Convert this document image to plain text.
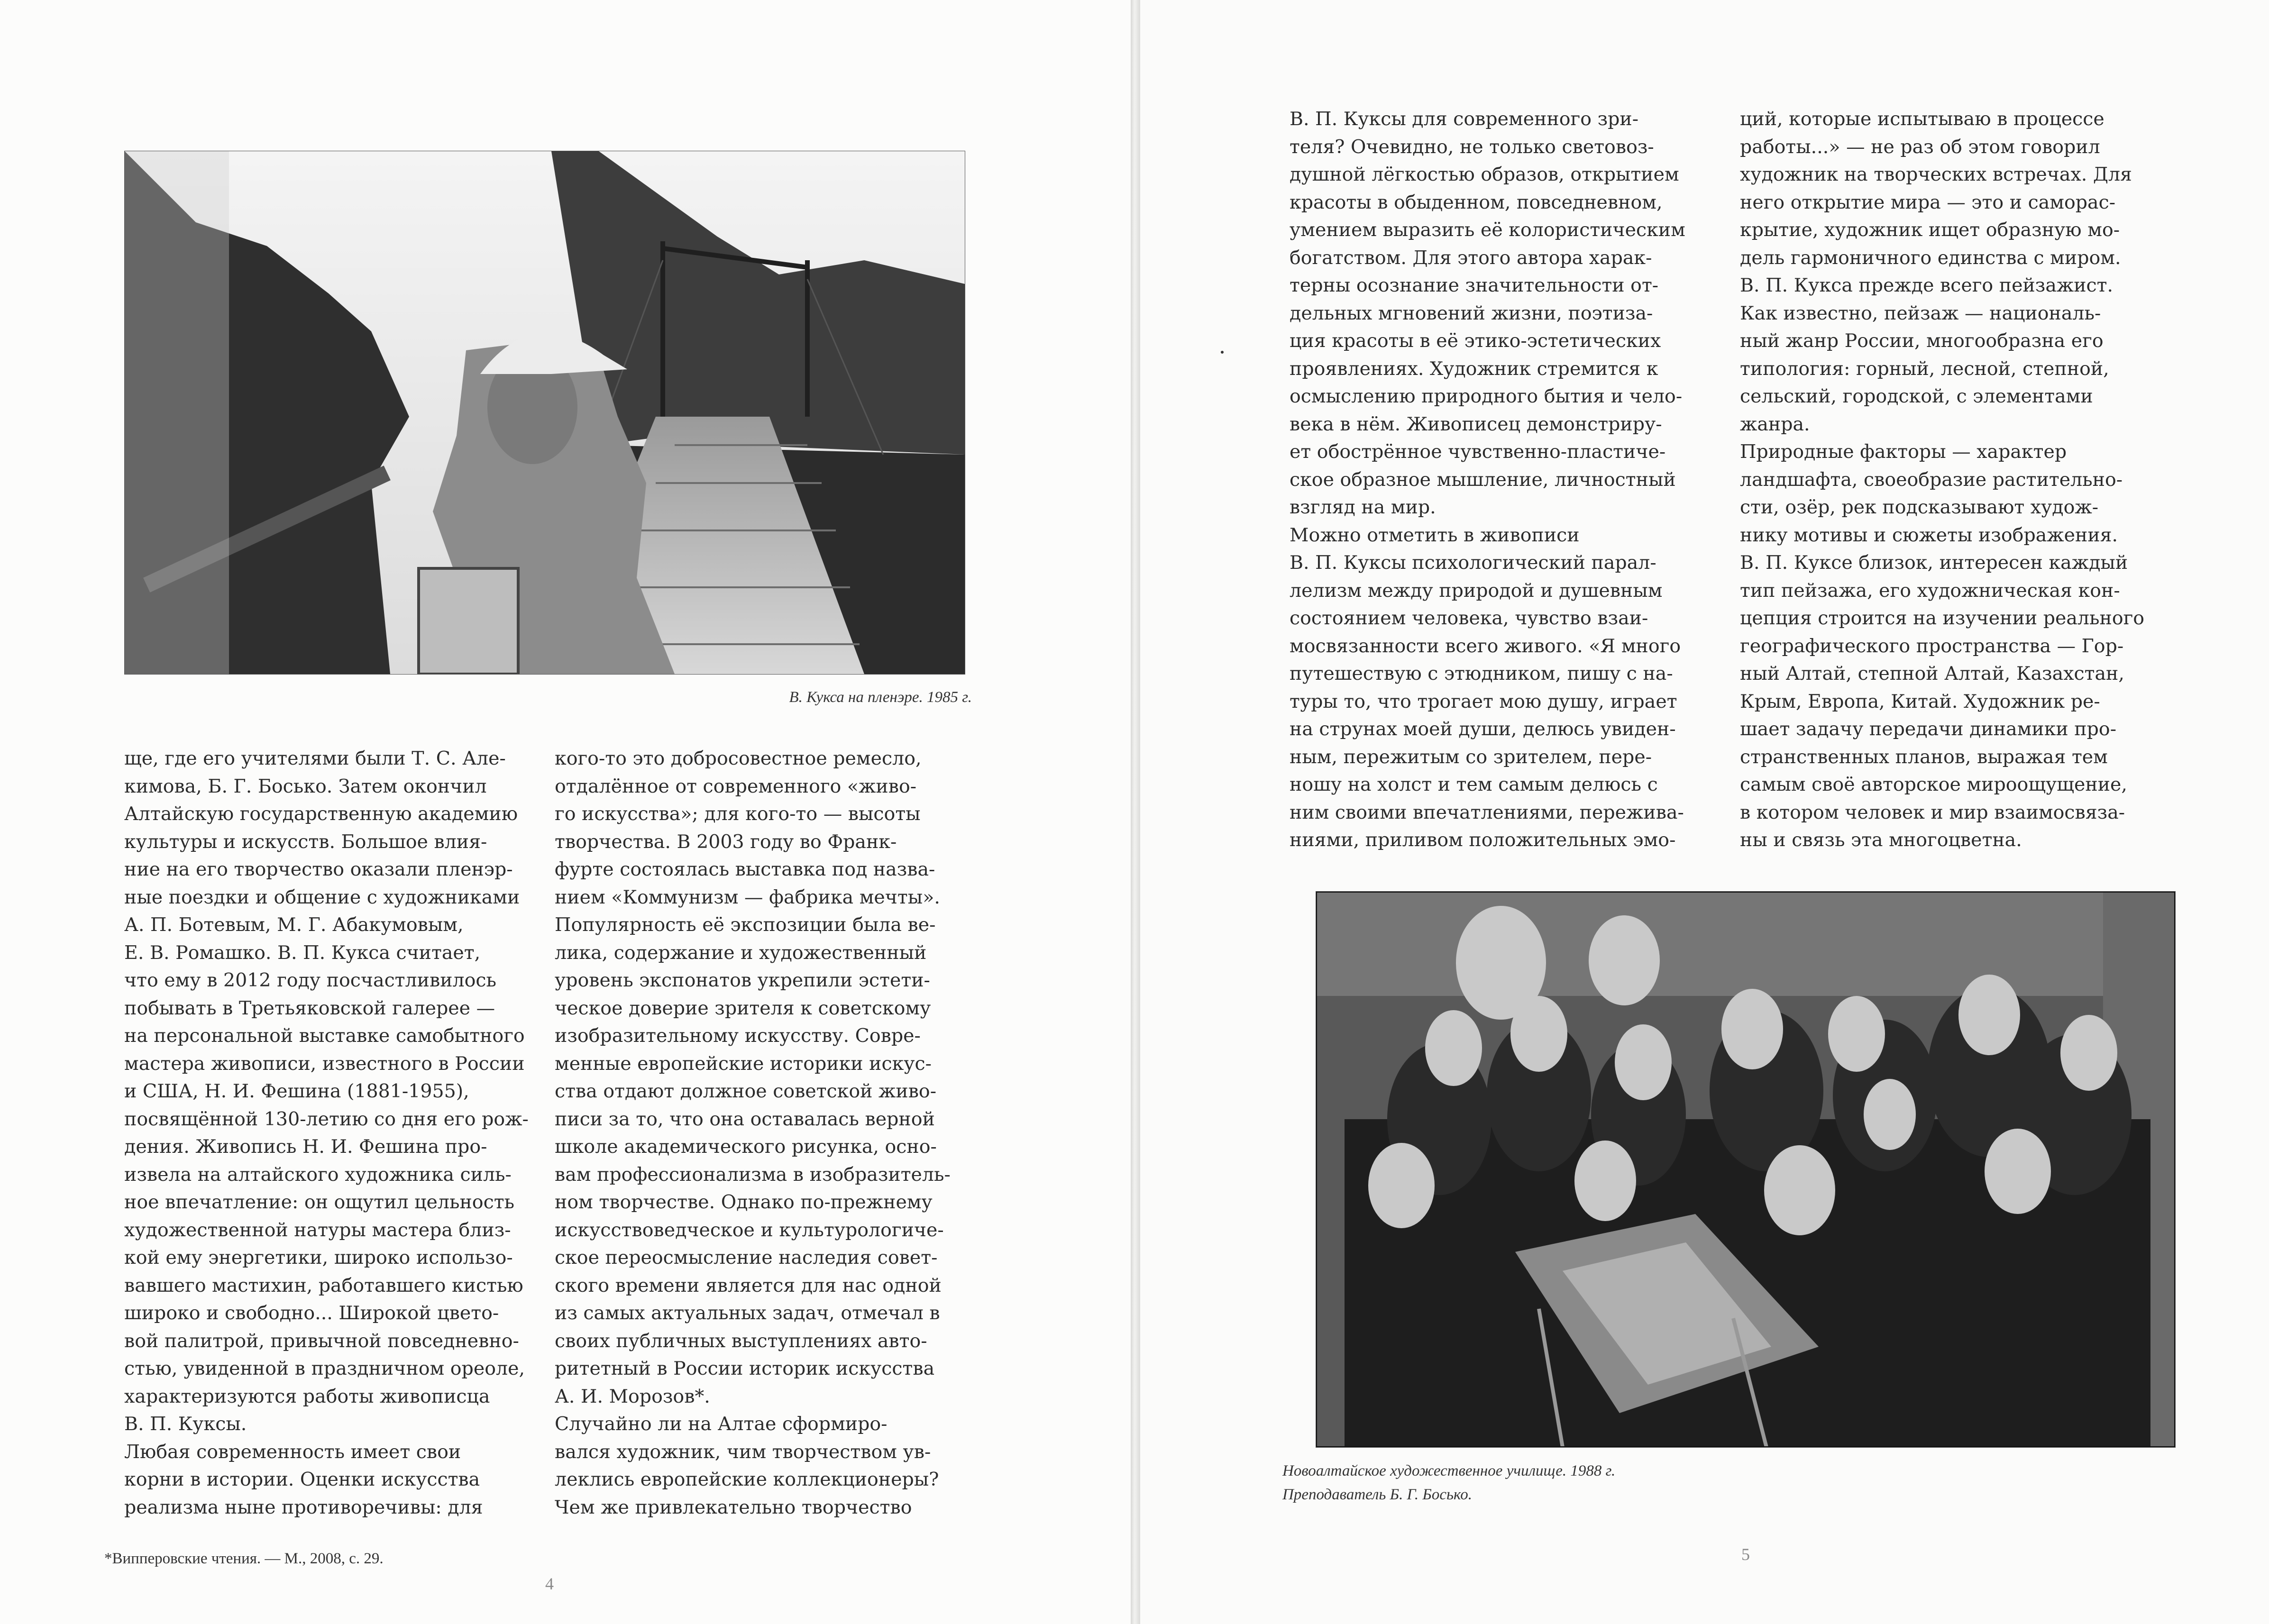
В. Кукса на пленэре. 1985 г.
ще, где его учителями были Т. С. Але-
кимова, Б. Г. Босько. Затем окончил
Алтайскую государственную академию
культуры и искусств. Большое влия-
ние на его творчество оказали пленэр-
ные поездки и общение с художниками
А. П. Ботевым, М. Г. Абакумовым,
Е. В. Ромашко. В. П. Кукса считает,
что ему в 2012 году посчастливилось
побывать в Третьяковской галерее —
на персональной выставке самобытного
мастера живописи, известного в России
и США, Н. И. Фешина (1881-1955),
посвящённой 130-летию со дня его рож-
дения. Живопись Н. И. Фешина про-
извела на алтайского художника силь-
ное впечатление: он ощутил цельность
художественной натуры мастера близ-
кой ему энергетики, широко использо-
вавшего мастихин, работавшего кистью
широко и свободно... Широкой цвето-
вой палитрой, привычной повседневно-
стью, увиденной в праздничном ореоле,
характеризуются работы живописца
В. П. Куксы.
Любая современность имеет свои
корни в истории. Оценки искусства
реализма ныне противоречивы: для
кого-то это добросовестное ремесло,
отдалённое от современного «живо-
го искусства»; для кого-то — высоты
творчества. В 2003 году во Франк-
фурте состоялась выставка под назва-
нием «Коммунизм — фабрика мечты».
Популярность её экспозиции была ве-
лика, содержание и художественный
уровень экспонатов укрепили эстети-
ческое доверие зрителя к советскому
изобразительному искусству. Совре-
менные европейские историки искус-
ства отдают должное советской живо-
писи за то, что она оставалась верной
школе академического рисунка, осно-
вам профессионализма в изобразитель-
ном творчестве. Однако по-прежнему
искусствоведческое и культурологиче-
ское переосмысление наследия совет-
ского времени является для нас одной
из самых актуальных задач, отмечал в
своих публичных выступлениях авто-
ритетный в России историк искусства
А. И. Морозов*.
Случайно ли на Алтае сформиро-
вался художник, чим творчеством ув-
леклись европейские коллекционеры?
Чем же привлекательно творчество
*Випперовские чтения. — М., 2008, с. 29.
4
В. П. Куксы для современного зри-
теля? Очевидно, не только световоз-
душной лёгкостью образов, открытием
красоты в обыденном, повседневном,
умением выразить её колористическим
богатством. Для этого автора харак-
терны осознание значительности от-
дельных мгновений жизни, поэтиза-
ция красоты в её этико-эстетических
проявлениях. Художник стремится к
осмыслению природного бытия и чело-
века в нём. Живописец демонстриру-
ет обострённое чувственно-пластиче-
ское образное мышление, личностный
взгляд на мир.
Можно отметить в живописи
В. П. Куксы психологический парал-
лелизм между природой и душевным
состоянием человека, чувство взаи-
мосвязанности всего живого. «Я много
путешествую с этюдником, пишу с на-
туры то, что трогает мою душу, играет
на струнах моей души, делюсь увиден-
ным, пережитым со зрителем, пере-
ношу на холст и тем самым делюсь с
ним своими впечатлениями, пережива-
ниями, приливом положительных эмо-
ций, которые испытываю в процессе
работы...» — не раз об этом говорил
художник на творческих встречах. Для
него открытие мира — это и саморас-
крытие, художник ищет образную мо-
дель гармоничного единства с миром.
В. П. Кукса прежде всего пейзажист.
Как известно, пейзаж — националь-
ный жанр России, многообразна его
типология: горный, лесной, степной,
сельский, городской, с элементами
жанра.
Природные факторы — характер
ландшафта, своеобразие растительно-
сти, озёр, рек подсказывают худож-
нику мотивы и сюжеты изображения.
В. П. Куксе близок, интересен каждый
тип пейзажа, его художническая кон-
цепция строится на изучении реального
географического пространства — Гор-
ный Алтай, степной Алтай, Казахстан,
Крым, Европа, Китай. Художник ре-
шает задачу передачи динамики про-
странственных планов, выражая тем
самым своё авторское мироощущение,
в котором человек и мир взаимосвяза-
ны и связь эта многоцветна.
Новоалтайское художественное училище. 1988 г.
Преподаватель Б. Г. Босько.
5
